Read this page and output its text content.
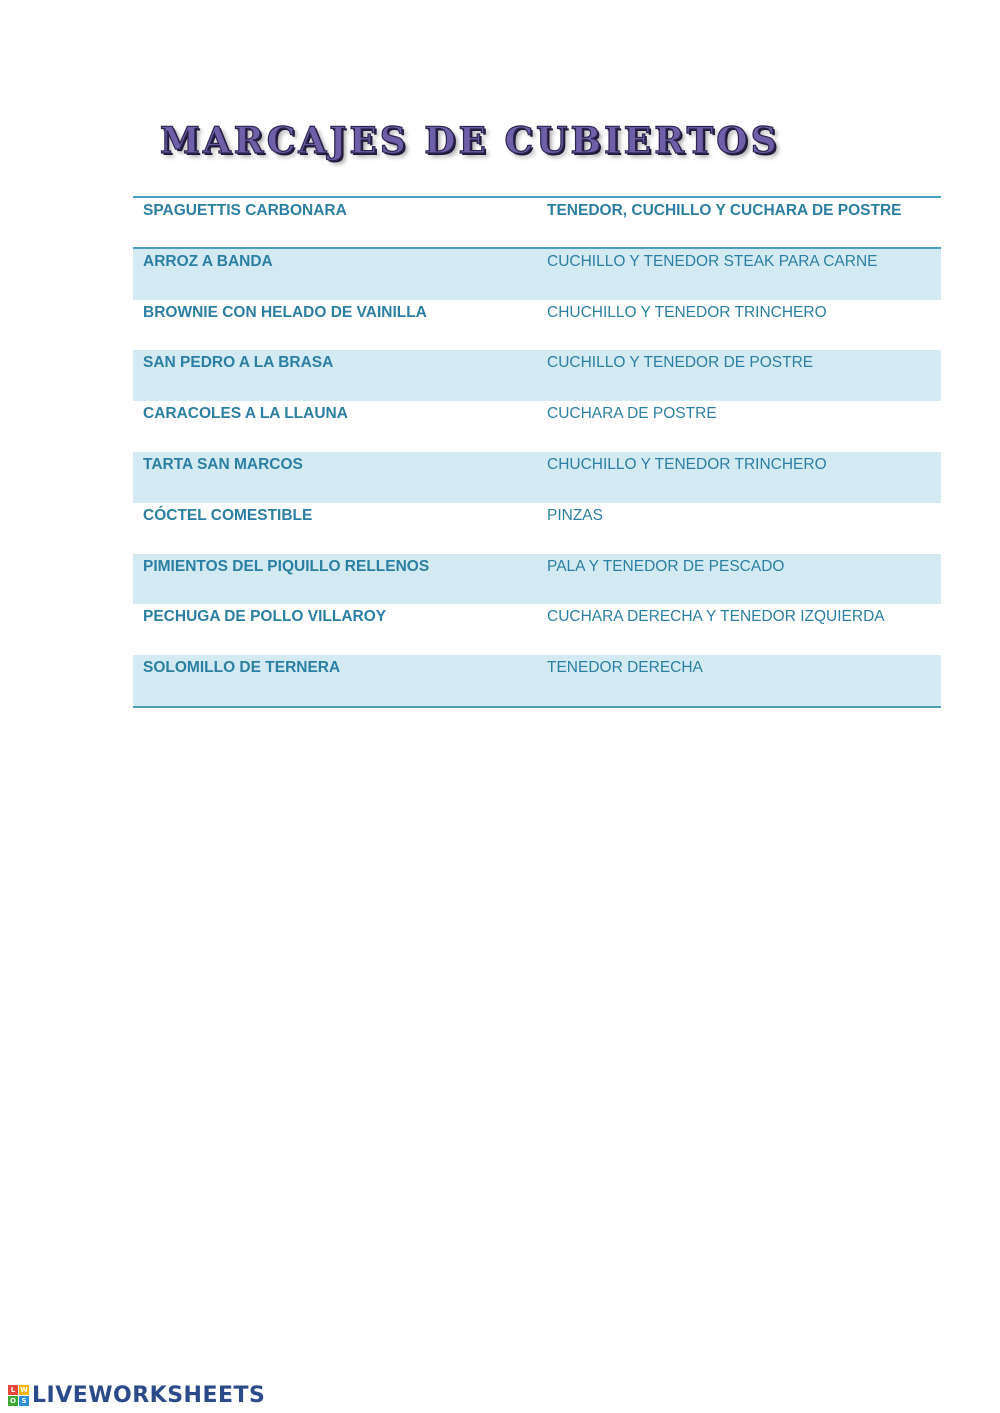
MARCAJES DE CUBIERTOS
SPAGUETTIS CARBONARA	TENEDOR, CUCHILLO Y CUCHARA DE POSTRE
ARROZ A BANDA	CUCHILLO Y TENEDOR STEAK PARA CARNE
BROWNIE CON HELADO DE VAINILLA	CHUCHILLO Y TENEDOR TRINCHERO
SAN PEDRO A LA BRASA	CUCHILLO Y TENEDOR DE POSTRE
CARACOLES A LA LLAUNA	CUCHARA DE POSTRE
TARTA SAN MARCOS	CHUCHILLO Y TENEDOR TRINCHERO
CÓCTEL COMESTIBLE	PINZAS
PIMIENTOS DEL PIQUILLO RELLENOS	PALA Y TENEDOR DE PESCADO
PECHUGA DE POLLO VILLAROY	CUCHARA DERECHA Y TENEDOR IZQUIERDA
SOLOMILLO DE TERNERA	TENEDOR DERECHA
L W
O S LIVEWORKSHEETS
